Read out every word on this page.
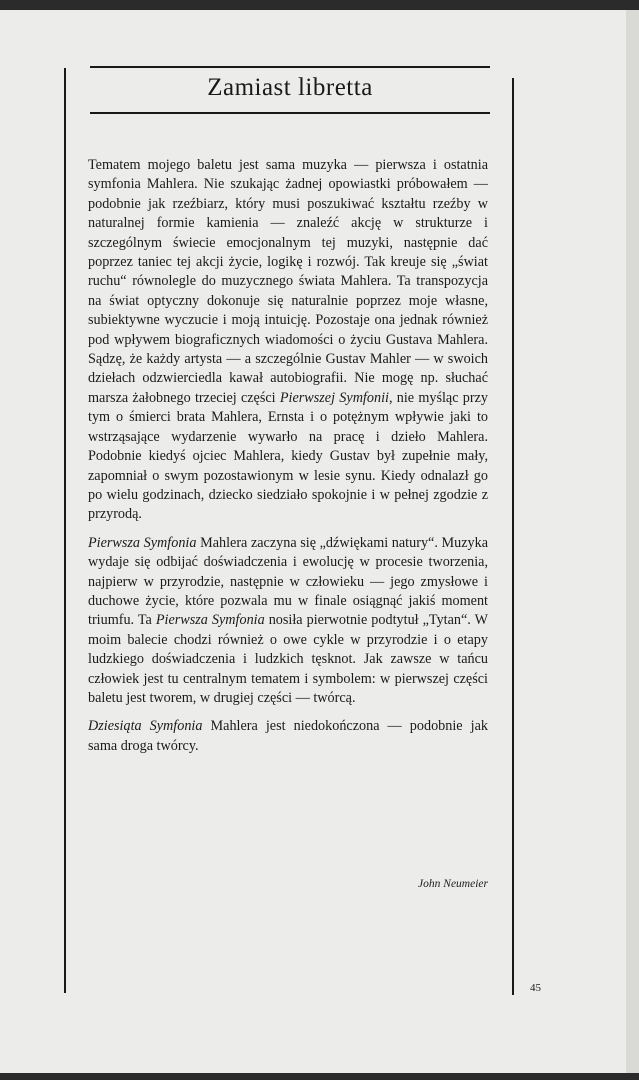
Zamiast libretta

Tematem mojego baletu jest sama muzyka — pierwsza i ostatnia symfonia Mahlera. Nie szukając żadnej opowiastki próbowałem — podobnie jak rzeźbiarz, który musi poszukiwać kształtu rzeźby w naturalnej formie kamienia — znaleźć akcję w strukturze i szczególnym świecie emocjonalnym tej muzyki, następnie dać poprzez taniec tej akcji życie, logikę i rozwój. Tak kreuje się „świat ruchu“ równolegle do muzycznego świata Mahlera. Ta transpozycja na świat optyczny dokonuje się naturalnie poprzez moje własne, subiektywne wyczucie i moją intuicję. Pozostaje ona jednak również pod wpływem biograficznych wiadomości o życiu Gustava Mahlera. Sądzę, że każdy artysta — a szczególnie Gustav Mahler — w swoich dziełach odzwierciedla kawał autobiografii. Nie mogę np. słuchać marsza żałobnego trzeciej części Pierwszej Symfonii, nie myśląc przy tym o śmierci brata Mahlera, Ernsta i o potężnym wpływie jaki to wstrząsające wydarzenie wywarło na pracę i dzieło Mahlera. Podobnie kiedyś ojciec Mahlera, kiedy Gustav był zupełnie mały, zapomniał o swym pozostawionym w lesie synu. Kiedy odnalazł go po wielu godzinach, dziecko siedziało spokojnie i w pełnej zgodzie z przyrodą.

Pierwsza Symfonia Mahlera zaczyna się „dźwiękami natury“. Muzyka wydaje się odbijać doświadczenia i ewolucję w procesie tworzenia, najpierw w przyrodzie, następnie w człowieku — jego zmysłowe i duchowe życie, które pozwala mu w finale osiągnąć jakiś moment triumfu. Ta Pierwsza Symfonia nosiła pierwotnie podtytuł „Tytan“. W moim balecie chodzi również o owe cykle w przyrodzie i o etapy ludzkiego doświadczenia i ludzkich tęsknot. Jak zawsze w tańcu człowiek jest tu centralnym tematem i symbolem: w pierwszej części baletu jest tworem, w drugiej części — twórcą.

Dziesiąta Symfonia Mahlera jest niedokończona — podobnie jak sama droga twórcy.

John Neumeier
45
